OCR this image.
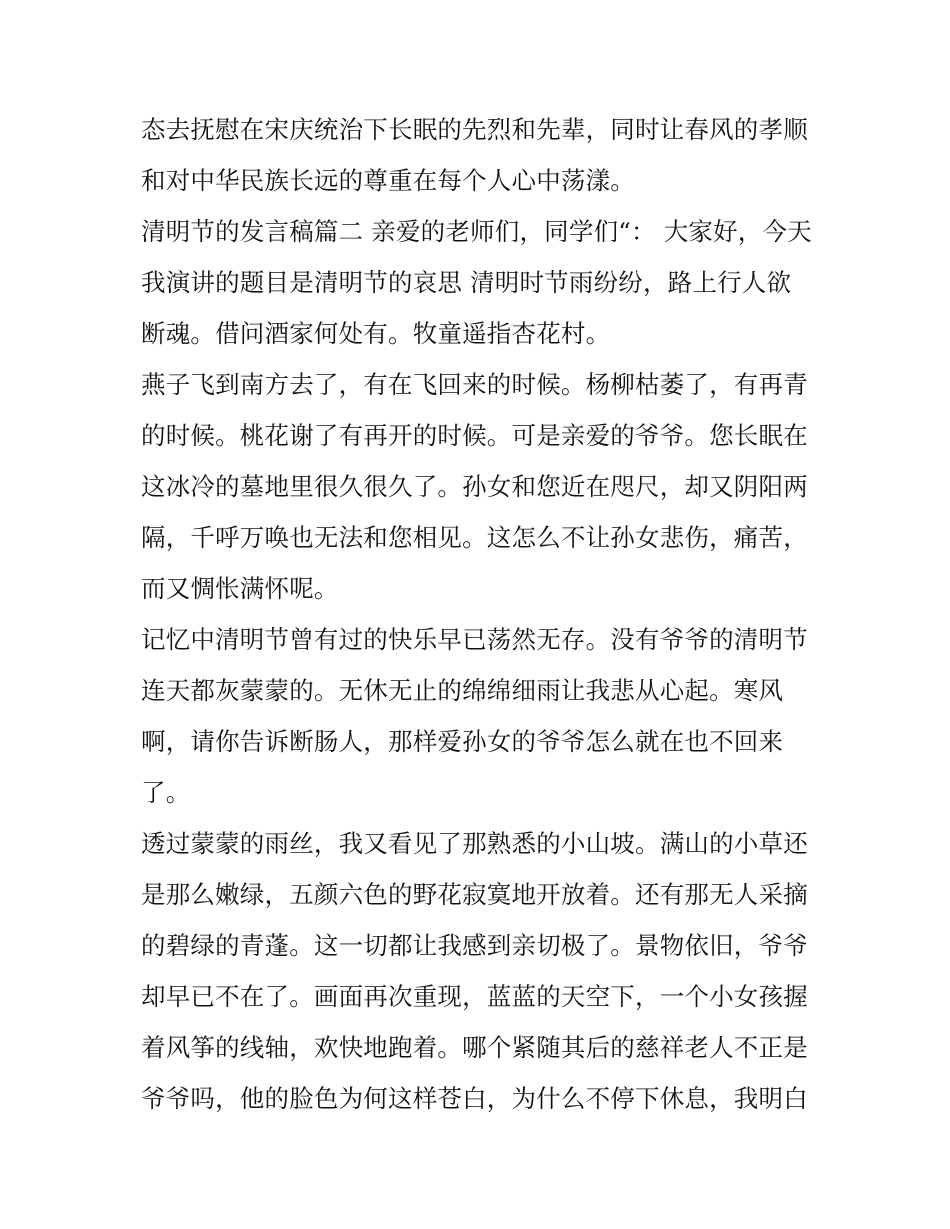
态去抚慰在宋庆统治下长眠的先烈和先辈，同时让春风的孝顺
和对中华民族长远的尊重在每个人心中荡漾。
清明节的发言稿篇二 亲爱的老师们，同学们“： 大家好，今天
我演讲的题目是清明节的哀思 清明时节雨纷纷，路上行人欲
断魂。借问酒家何处有。牧童遥指杏花村。
燕子飞到南方去了，有在飞回来的时候。杨柳枯萎了，有再青
的时候。桃花谢了有再开的时候。可是亲爱的爷爷。您长眠在
这冰冷的墓地里很久很久了。孙女和您近在咫尺，却又阴阳两
隔，千呼万唤也无法和您相见。这怎么不让孙女悲伤，痛苦，
而又惆怅满怀呢。
记忆中清明节曾有过的快乐早已荡然无存。没有爷爷的清明节
连天都灰蒙蒙的。无休无止的绵绵细雨让我悲从心起。寒风
啊，请你告诉断肠人，那样爱孙女的爷爷怎么就在也不回来
了。
透过蒙蒙的雨丝，我又看见了那熟悉的小山坡。满山的小草还
是那么嫩绿，五颜六色的野花寂寞地开放着。还有那无人采摘
的碧绿的青蓬。这一切都让我感到亲切极了。景物依旧，爷爷
却早已不在了。画面再次重现，蓝蓝的天空下，一个小女孩握
着风筝的线轴，欢快地跑着。哪个紧随其后的慈祥老人不正是
爷爷吗，他的脸色为何这样苍白，为什么不停下休息，我明白
